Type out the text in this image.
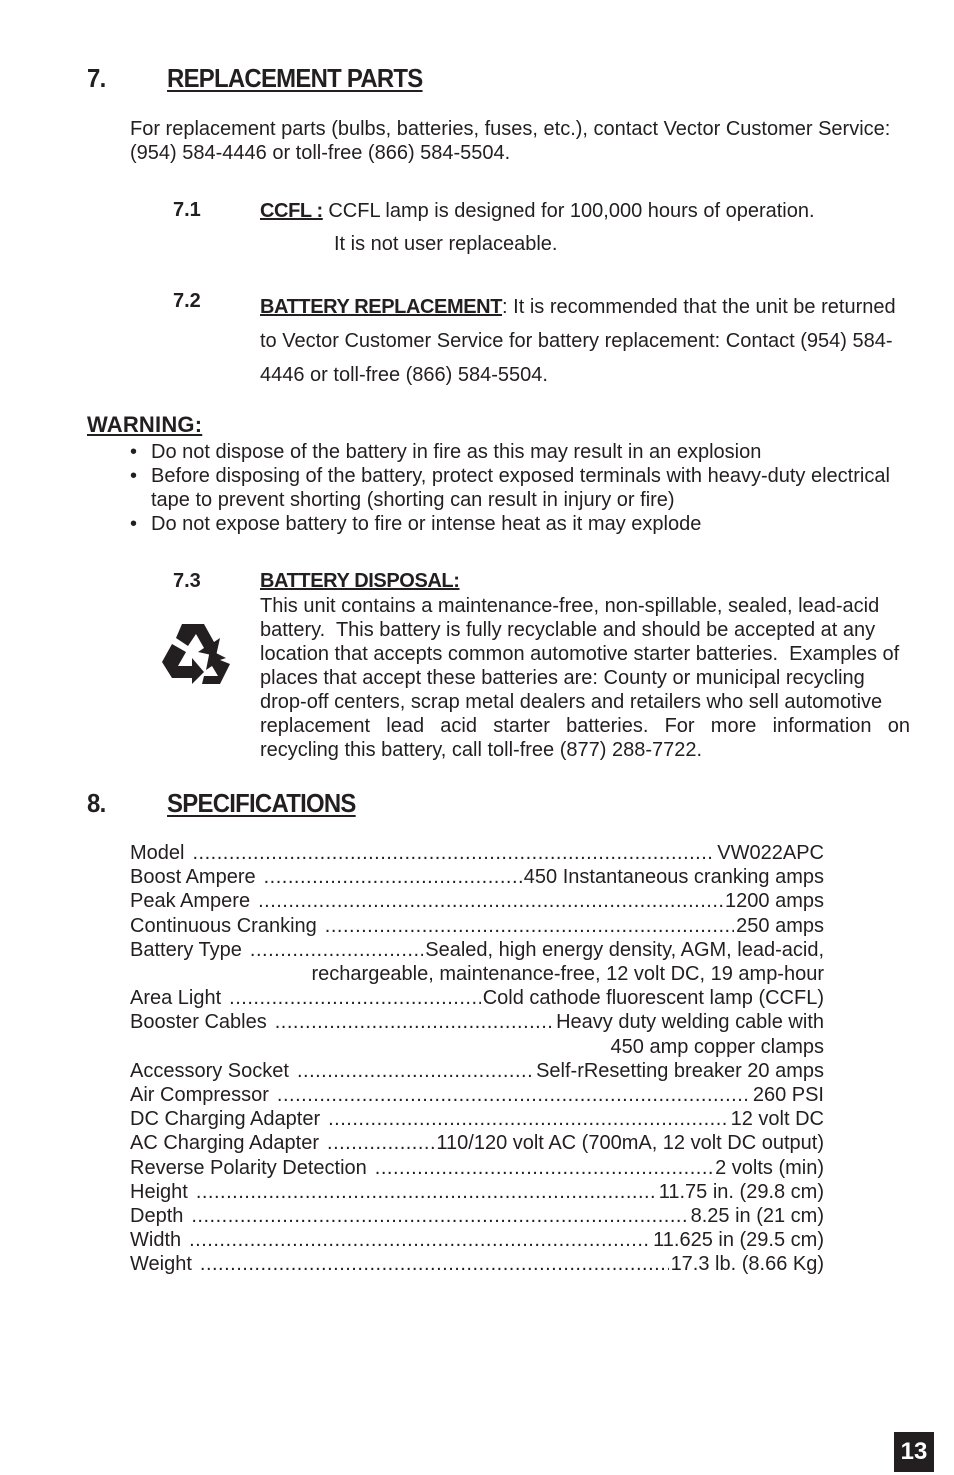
7. REPLACEMENT PARTS
For replacement parts (bulbs, batteries, fuses, etc.), contact Vector Customer Service:
(954) 584-4446 or toll-free (866) 584-5504.
7.1	CCFL : CCFL lamp is designed for 100,000 hours of operation.
It is not user replaceable.
7.2	BATTERY REPLACEMENT: It is recommended that the unit be returned
to Vector Customer Service for battery replacement: Contact (954) 584-
4446 or toll-free (866) 584-5504.
WARNING:
• Do not dispose of the battery in fire as this may result in an explosion
• Before disposing of the battery, protect exposed terminals with heavy-duty electrical tape to prevent shorting (shorting can result in injury or fire)
• Do not expose battery to fire or intense heat as it may explode
7.3	BATTERY DISPOSAL:
This unit contains a maintenance-free, non-spillable, sealed, lead-acid
battery.  This battery is fully recyclable and should be accepted at any
location that accepts common automotive starter batteries.  Examples of
places that accept these batteries are: County or municipal recycling
drop-off centers, scrap metal dealers and retailers who sell automotive
replacement lead acid starter batteries. For more information on
recycling this battery, call toll-free (877) 288-7722.
8. SPECIFICATIONS
Model .....	VW022APC
Boost Ampere .....	450 Instantaneous cranking amps
Peak Ampere .....	1200 amps
Continuous Cranking .....	250 amps
Battery Type .....	Sealed, high energy density, AGM, lead-acid,
rechargeable, maintenance-free, 12 volt DC, 19 amp-hour
Area Light .....	Cold cathode fluorescent lamp (CCFL)
Booster Cables .....	Heavy duty welding cable with
450 amp copper clamps
Accessory Socket .....	Self-rResetting breaker 20 amps
Air Compressor .....	260 PSI
DC Charging Adapter .....	12 volt DC
AC Charging Adapter .....	110/120 volt AC (700mA, 12 volt DC output)
Reverse Polarity Detection .....	2 volts (min)
Height .....	11.75 in. (29.8 cm)
Depth .....	8.25 in (21 cm)
Width .....	11.625 in (29.5 cm)
Weight .....	17.3 lb. (8.66 Kg)
13
